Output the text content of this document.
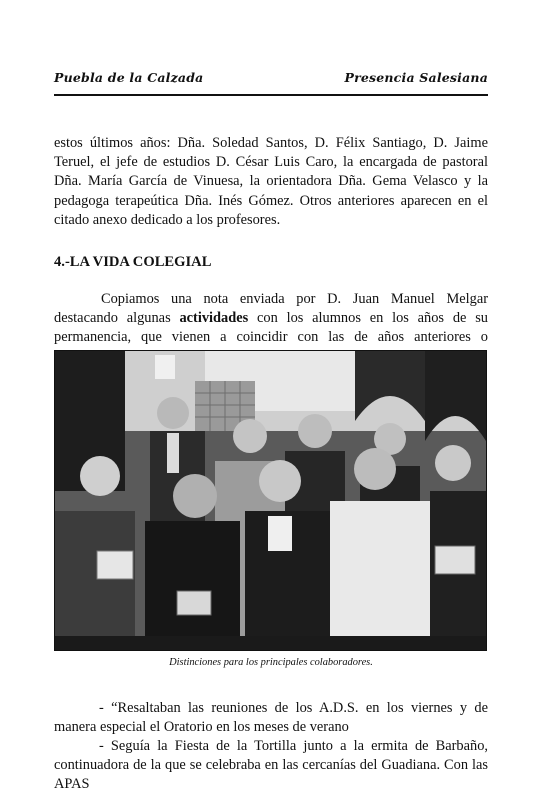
Puebla de la Calzada	Presencia Salesiana

estos últimos años: Dña. Soledad Santos, D. Félix Santiago, D. Jaime Teruel, el jefe de estudios D. César Luis Caro, la encargada de pastoral Dña. María García de Vinuesa, la orientadora Dña. Gema Velasco y la pedagoga terapeútica Dña. Inés Gómez. Otros anteriores aparecen en el citado anexo dedicado a los profesores.

4.-LA VIDA COLEGIAL

Copiamos una nota enviada por D. Juan Manuel Melgar destacando algunas actividades con los alumnos en los años de su permanencia, que vienen a coincidir con las de años anteriores o

Distinciones para los principales colaboradores.

- “Resaltaban las reuniones de los A.D.S. en los viernes y de manera especial el Oratorio en los meses de verano

- Seguía la Fiesta de la Tortilla junto a la ermita de Barbaño, continuadora de la que se celebraba en las cercanías del Guadiana. Con las APAS
